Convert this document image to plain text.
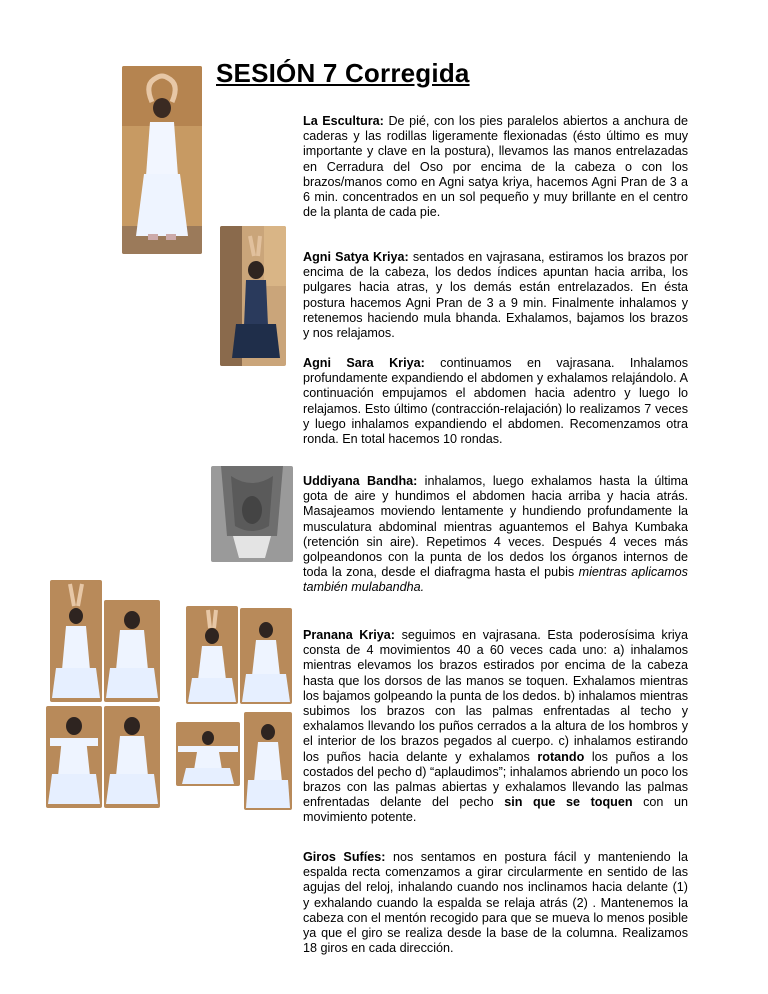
SESIÓN 7 Corregida

La Escultura: De pié, con los pies paralelos abiertos a anchura de caderas y las rodillas ligeramente flexionadas (ésto último es muy importante y clave en la postura), llevamos las manos entrelazadas en Cerradura del Oso por encima de la cabeza o con los brazos/manos como en Agni satya kriya, hacemos Agni Pran de 3 a 6 min. concentrados en un sol pequeño y muy brillante en el centro de la planta de cada pie.

Agni Satya Kriya: sentados en vajrasana, estiramos los brazos por encima de la cabeza, los dedos índices apuntan hacia arriba, los pulgares hacia atras, y los demás están entrelazados. En ésta postura hacemos Agni Pran de 3 a 9 min. Finalmente inhalamos y retenemos haciendo mula bhanda. Exhalamos, bajamos los brazos y nos relajamos.

Agni Sara Kriya: continuamos en vajrasana. Inhalamos profundamente expandiendo el abdomen y exhalamos relajándolo. A continuación empujamos el abdomen hacia adentro y luego lo relajamos. Esto último (contracción-relajación) lo realizamos 7 veces y luego inhalamos expandiendo el abdomen. Recomenzamos otra ronda. En total hacemos 10 rondas.

Uddiyana Bandha: inhalamos, luego exhalamos hasta la última gota de aire y hundimos el abdomen hacia arriba y hacia atrás. Masajeamos moviendo lentamente y hundiendo profundamente la musculatura abdominal mientras aguantemos el Bahya Kumbaka (retención sin aire). Repetimos 4 veces. Después 4 veces más golpeandonos con la punta de los dedos los órganos internos de toda la zona, desde el diafragma hasta el pubis mientras aplicamos también mulabandha.

Pranana Kriya: seguimos en vajrasana. Esta poderosísima kriya consta de 4 movimientos 40 a 60 veces cada uno: a) inhalamos mientras elevamos los brazos estirados por encima de la cabeza hasta que los dorsos de las manos se toquen. Exhalamos mientras los bajamos golpeando la punta de los dedos. b) inhalamos mientras subimos los brazos con las palmas enfrentadas al techo y exhalamos llevando los puños cerrados a la altura de los hombros y el interior de los brazos pegados al cuerpo. c) inhalamos estirando los puños hacia delante y exhalamos rotando los puños a los costados del pecho d) “aplaudimos”; inhalamos abriendo un poco los brazos con las palmas abiertas y exhalamos llevando las palmas enfrentadas delante del pecho sin que se toquen con un movimiento potente.

Giros Sufíes: nos sentamos en postura fácil y manteniendo la espalda recta comenzamos a girar circularmente en sentido de las agujas del reloj, inhalando cuando nos inclinamos hacia delante (1) y exhalando cuando la espalda se relaja atrás (2) . Mantenemos la cabeza con el mentón recogido para que se mueva lo menos posible ya que el giro se realiza desde la base de la columna. Realizamos 18 giros en cada dirección.
